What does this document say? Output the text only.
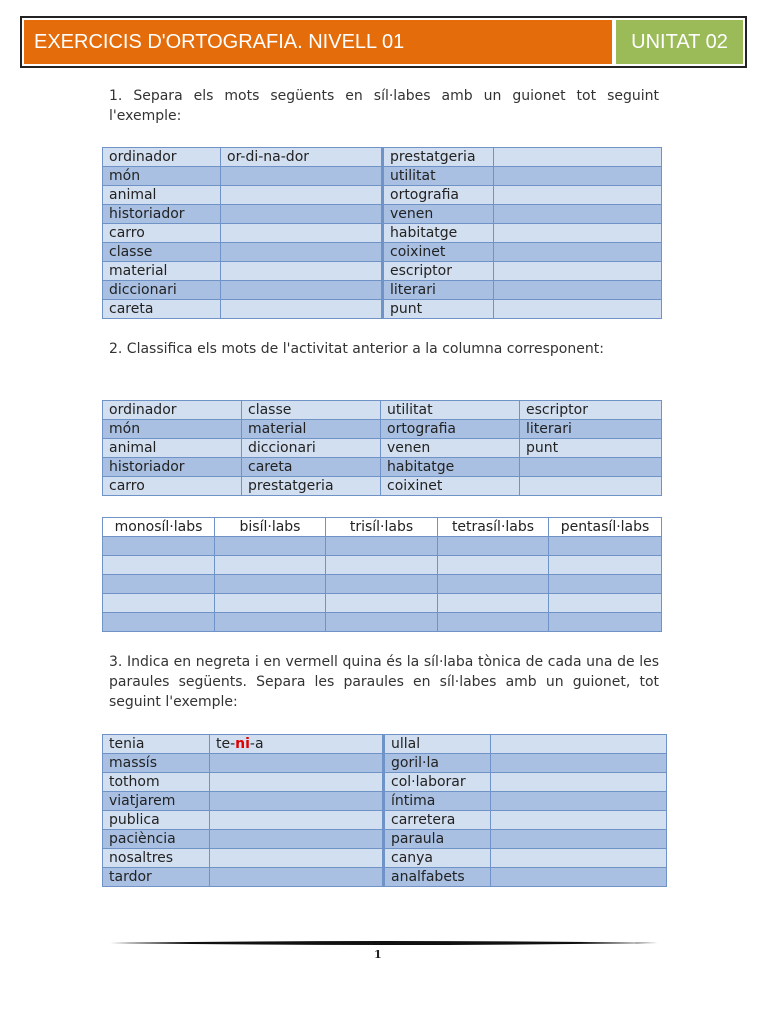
EXERCICIS D'ORTOGRAFIA. NIVELL 01	UNITAT 02
1. Separa els mots següents en síl·labes amb un guionet tot seguint l'exemple:
ordinador	or-di-na-dor	prestatgeria	
món		utilitat	
animal		ortografia	
historiador		venen	
carro		habitatge	
classe		coixinet	
material		escriptor	
diccionari		literari	
careta		punt	
2. Classifica els mots de l'activitat anterior a la columna corresponent:
ordinador	classe	utilitat	escriptor
món	material	ortografia	literari
animal	diccionari	venen	punt
historiador	careta	habitatge	
carro	prestatgeria	coixinet	
monosíl·labs	bisíl·labs	trisíl·labs	tetrasíl·labs	pentasíl·labs

3. Indica en negreta i en vermell quina és la síl·laba tònica de cada una de les paraules següents. Separa les paraules en síl·labes amb un guionet, tot seguint l'exemple:
tenia	te-ni-a	ullal	
massís		goril·la	
tothom		col·laborar	
viatjarem		íntima	
publica		carretera	
paciència		paraula	
nosaltres		canya	
tardor		analfabets	
1
